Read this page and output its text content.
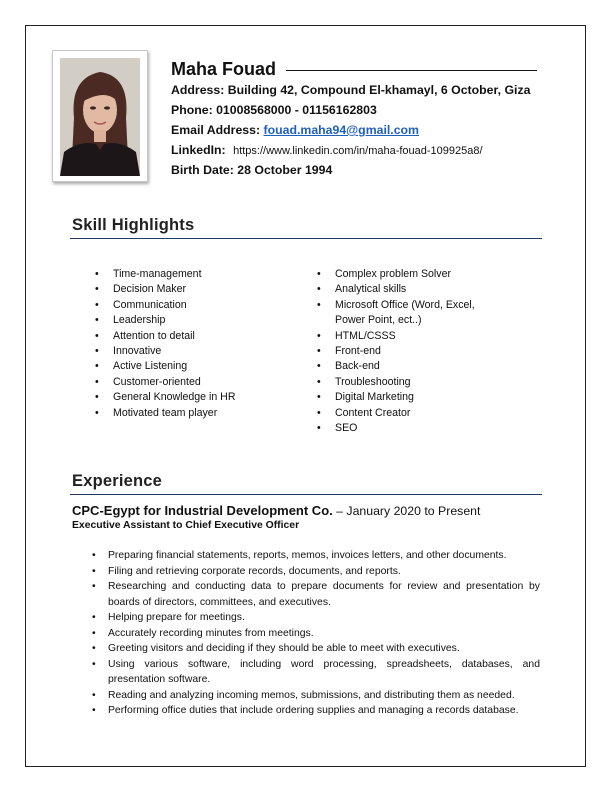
Maha Fouad
Address: Building 42, Compound El-khamayl, 6 October, Giza
Phone: 01008568000 - 01156162803
Email Address: fouad.maha94@gmail.com
LinkedIn: https://www.linkedin.com/in/maha-fouad-109925a8/
Birth Date: 28 October 1994
Skill Highlights
• Time-management
• Decision Maker
• Communication
• Leadership
• Attention to detail
• Innovative
• Active Listening
• Customer-oriented
• General Knowledge in HR
• Motivated team player
• Complex problem Solver
• Analytical skills
• Microsoft Office (Word, Excel, Power Point, ect..)
• HTML/CSSS
• Front-end
• Back-end
• Troubleshooting
• Digital Marketing
• Content Creator
• SEO
Experience
CPC-Egypt for Industrial Development Co. – January 2020 to Present
Executive Assistant to Chief Executive Officer
• Preparing financial statements, reports, memos, invoices letters, and other documents.
• Filing and retrieving corporate records, documents, and reports.
• Researching and conducting data to prepare documents for review and presentation by boards of directors, committees, and executives.
• Helping prepare for meetings.
• Accurately recording minutes from meetings.
• Greeting visitors and deciding if they should be able to meet with executives.
• Using various software, including word processing, spreadsheets, databases, and presentation software.
• Reading and analyzing incoming memos, submissions, and distributing them as needed.
• Performing office duties that include ordering supplies and managing a records database.
